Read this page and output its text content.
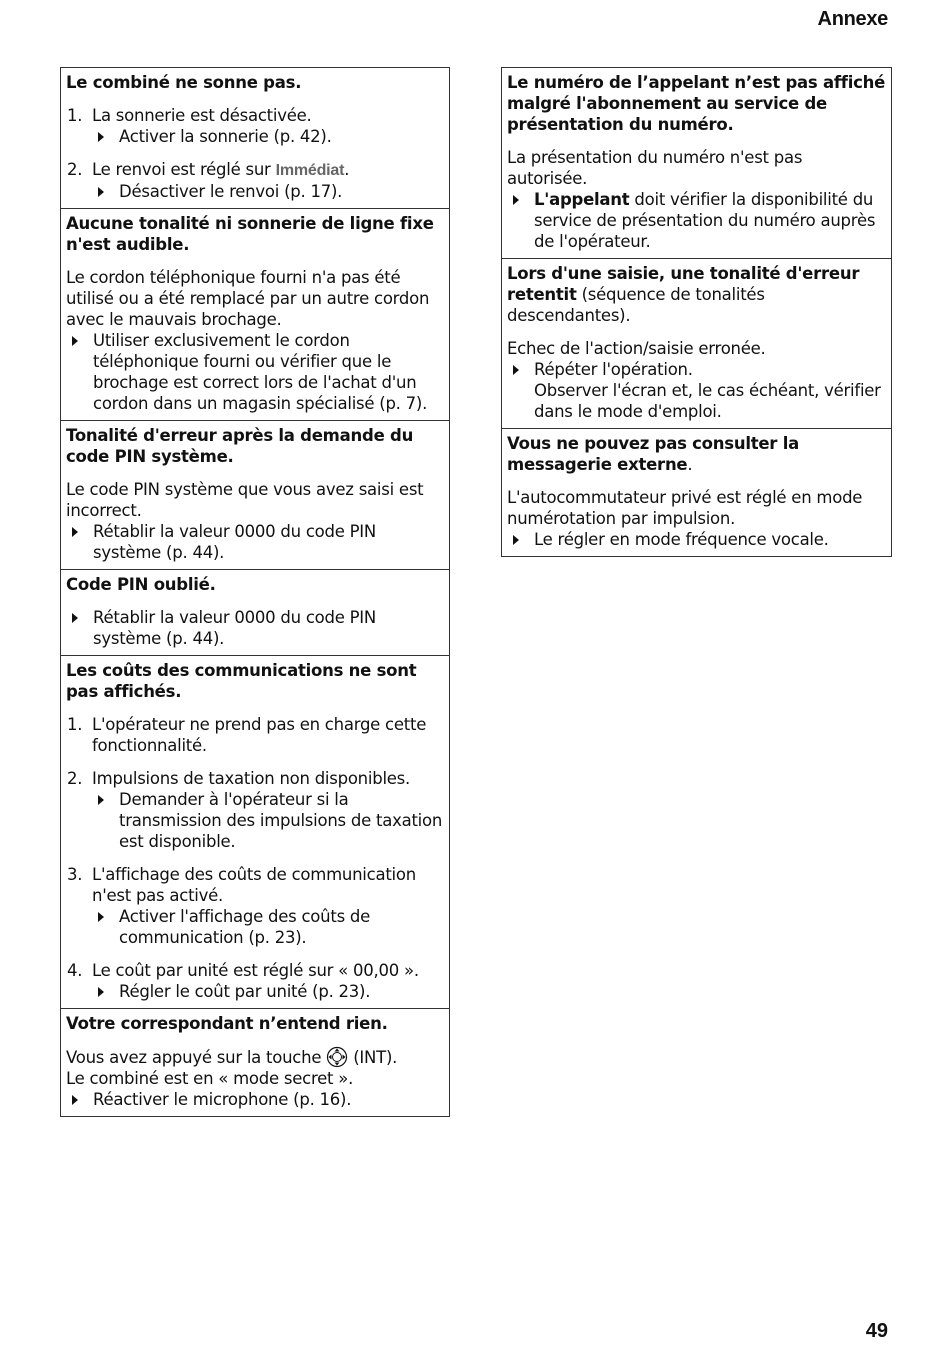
Annexe
Le combiné ne sonne pas.
1. La sonnerie est désactivée.
Activer la sonnerie (p. 42).
2. Le renvoi est réglé sur Immédiat.
Désactiver le renvoi (p. 17).
Aucune tonalité ni sonnerie de ligne fixe n'est audible.
Le cordon téléphonique fourni n'a pas été utilisé ou a été remplacé par un autre cordon avec le mauvais brochage.
Utiliser exclusivement le cordon téléphonique fourni ou vérifier que le brochage est correct lors de l'achat d'un cordon dans un magasin spécialisé (p. 7).
Tonalité d'erreur après la demande du code PIN système.
Le code PIN système que vous avez saisi est incorrect.
Rétablir la valeur 0000 du code PIN système (p. 44).
Code PIN oublié.
Rétablir la valeur 0000 du code PIN système (p. 44).
Les coûts des communications ne sont pas affichés.
1. L'opérateur ne prend pas en charge cette fonctionnalité.
2. Impulsions de taxation non disponibles.
Demander à l'opérateur si la transmission des impulsions de taxation est disponible.
3. L'affichage des coûts de communication n'est pas activé.
Activer l'affichage des coûts de communication (p. 23).
4. Le coût par unité est réglé sur « 00,00 ».
Régler le coût par unité (p. 23).
Votre correspondant n’entend rien.
Vous avez appuyé sur la touche  (INT).
Le combiné est en « mode secret ».
Réactiver le microphone (p. 16).
Le numéro de l’appelant n’est pas affiché malgré l'abonnement au service de présentation du numéro.
La présentation du numéro n'est pas autorisée.
L'appelant doit vérifier la disponibilité du service de présentation du numéro auprès de l'opérateur.
Lors d'une saisie, une tonalité d'erreur retentit (séquence de tonalités descendantes).
Echec de l'action/saisie erronée.
Répéter l'opération.
Observer l'écran et, le cas échéant, vérifier dans le mode d'emploi.
Vous ne pouvez pas consulter la messagerie externe.
L'autocommutateur privé est réglé en mode numérotation par impulsion.
Le régler en mode fréquence vocale.
49
